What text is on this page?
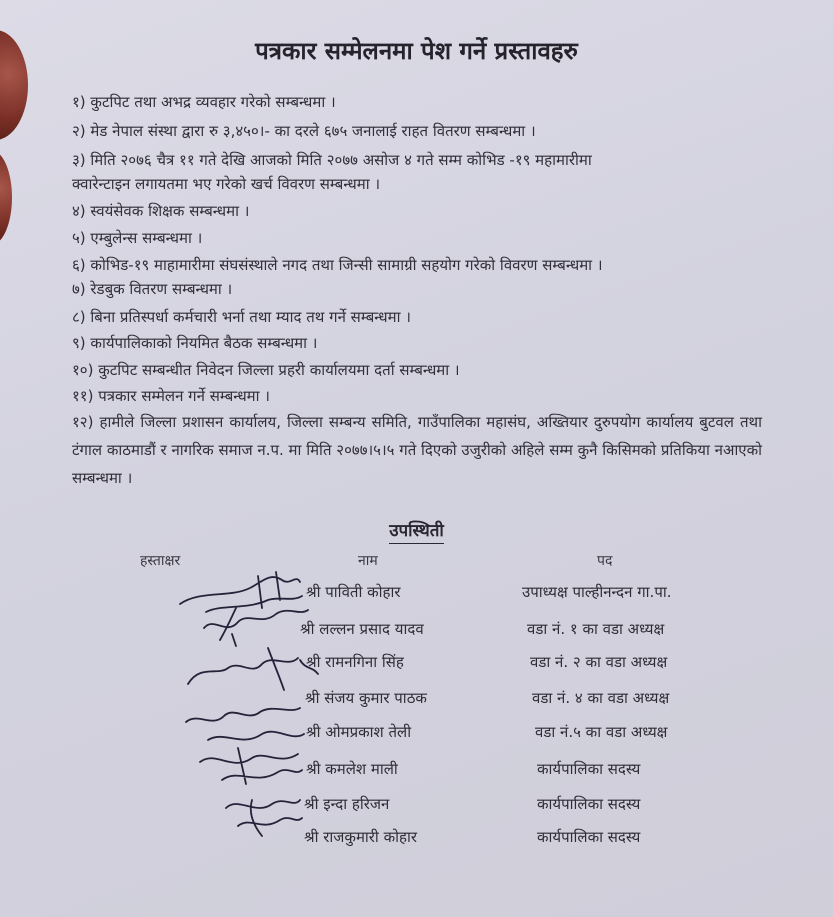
पत्रकार सम्मेलनमा पेश गर्ने प्रस्तावहरु
१) कुटपिट तथा अभद्र व्यवहार गरेको सम्बन्धमा ।
२) मेड नेपाल संस्था द्वारा रु ३,४५०।- का दरले ६७५ जनालाई राहत वितरण सम्बन्धमा ।
३) मिति २०७६ चैत्र ११ गते देखि आजको मिति २०७७ असोज ४ गते सम्म कोभिड -१९ महामारीमा
क्वारेन्टाइन लगायतमा भए गरेको खर्च विवरण सम्बन्धमा ।
४) स्वयंसेवक शिक्षक सम्बन्धमा ।
५) एम्बुलेन्स सम्बन्धमा ।
६) कोभिड-१९ माहामारीमा संघसंस्थाले नगद तथा जिन्सी सामाग्री सहयोग गरेको विवरण सम्बन्धमा ।
७) रेडबुक वितरण सम्बन्धमा ।
८) बिना प्रतिस्पर्धा कर्मचारी भर्ना तथा म्याद तथ गर्ने सम्बन्धमा ।
९) कार्यपालिकाको नियमित बैठक सम्बन्धमा ।
१०) कुटपिट सम्बन्धीत निवेदन जिल्ला प्रहरी कार्यालयमा दर्ता सम्बन्धमा ।
११) पत्रकार सम्मेलन गर्ने सम्बन्धमा ।
१२) हामीले जिल्ला प्रशासन कार्यालय, जिल्ला सम्बन्य समिति, गाउँपालिका महासंघ, अख्तियार दुरुपयोग कार्यालय बुटवल तथा टंगाल काठमाडौं र नागरिक समाज न.प. मा मिति २०७७।५।५ गते दिएको उजुरीको अहिले सम्म कुनै किसिमको प्रतिकिया नआएको सम्बन्धमा ।
उपस्थिती
हस्ताक्षर	नाम	पद
श्री पाविती कोहार	उपाध्यक्ष पाल्हीनन्दन गा.पा.
श्री लल्लन प्रसाद यादव	वडा नं. १ का वडा अध्यक्ष
श्री रामनगिना सिंह	वडा नं. २ का वडा अध्यक्ष
श्री संजय कुमार पाठक	वडा नं. ४ का वडा अध्यक्ष
श्री ओमप्रकाश तेली	वडा नं.५ का वडा अध्यक्ष
श्री कमलेश माली	कार्यपालिका सदस्य
श्री इन्दा हरिजन	कार्यपालिका सदस्य
श्री राजकुमारी कोहार	कार्यपालिका सदस्य
